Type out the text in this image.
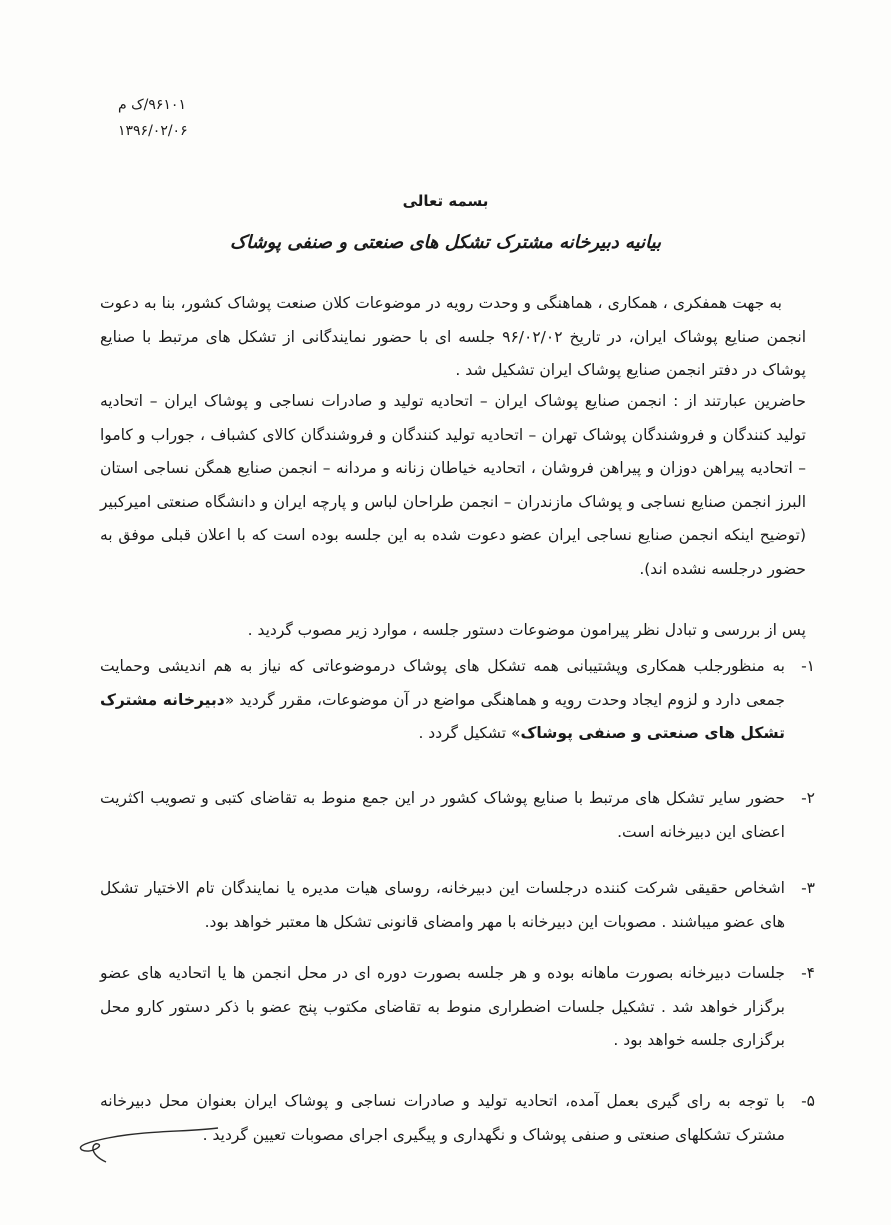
۹۶۱۰۱/ک م
۱۳۹۶/۰۲/۰۶
بسمه تعالی
بیانیه دبیرخانه مشترک تشکل های صنعتی و صنفی پوشاک
به جهت همفکری ، همکاری ، هماهنگی و وحدت رویه در موضوعات کلان صنعت پوشاک کشور، بنا به دعوت انجمن صنایع پوشاک ایران، در تاریخ ۹۶/۰۲/۰۲ جلسه ای با حضور نمایندگانی از تشکل های مرتبط با صنایع پوشاک در دفتر انجمن صنایع پوشاک ایران تشکیل شد .
حاضرین عبارتند از : انجمن صنایع پوشاک ایران – اتحادیه تولید و صادرات نساجی و پوشاک ایران – اتحادیه تولید کنندگان و فروشندگان پوشاک تهران – اتحادیه تولید کنندگان و فروشندگان کالای کشباف ، جوراب و کاموا – اتحادیه پیراهن دوزان و پیراهن فروشان ، اتحادیه خیاطان زنانه و مردانه – انجمن صنایع همگن نساجی استان البرز انجمن صنایع نساجی و پوشاک مازندران – انجمن طراحان لباس و پارچه ایران و دانشگاه صنعتی امیرکبیر (توضیح اینکه انجمن صنایع نساجی ایران عضو دعوت شده به این جلسه بوده است که با اعلان قبلی موفق به حضور درجلسه نشده اند).
پس از بررسی و تبادل نظر پیرامون موضوعات دستور جلسه ، موارد زیر مصوب گردید .
۱-
به منظورجلب همکاری وپشتیبانی همه تشکل های پوشاک درموضوعاتی که نیاز به هم اندیشی وحمایت جمعی دارد و لزوم ایجاد وحدت رویه و هماهنگی مواضع در آن موضوعات، مقرر گردید «دبیرخانه مشترک تشکل های صنعتی و صنفی پوشاک» تشکیل گردد .
۲-
حضور سایر تشکل های مرتبط با صنایع پوشاک کشور در این جمع منوط به تقاضای کتبی و تصویب اکثریت اعضای این دبیرخانه است.
۳-
اشخاص حقیقی شرکت کننده درجلسات این دبیرخانه، روسای هیات مدیره یا نمایندگان تام الاختیار تشکل های عضو میباشند . مصوبات این دبیرخانه با مهر وامضای قانونی تشکل ها معتبر خواهد بود.
۴-
جلسات دبیرخانه بصورت ماهانه بوده و هر جلسه بصورت دوره ای در محل انجمن ها یا اتحادیه های عضو برگزار خواهد شد . تشکیل جلسات اضطراری منوط به تقاضای مکتوب پنج عضو با ذکر دستور کارو محل برگزاری جلسه خواهد بود .
۵-
با توجه به رای گیری بعمل آمده، اتحادیه تولید و صادرات نساجی و پوشاک ایران بعنوان محل دبیرخانه مشترک تشکلهای صنعتی و صنفی پوشاک و نگهداری و پیگیری اجرای مصوبات تعیین گردید .
